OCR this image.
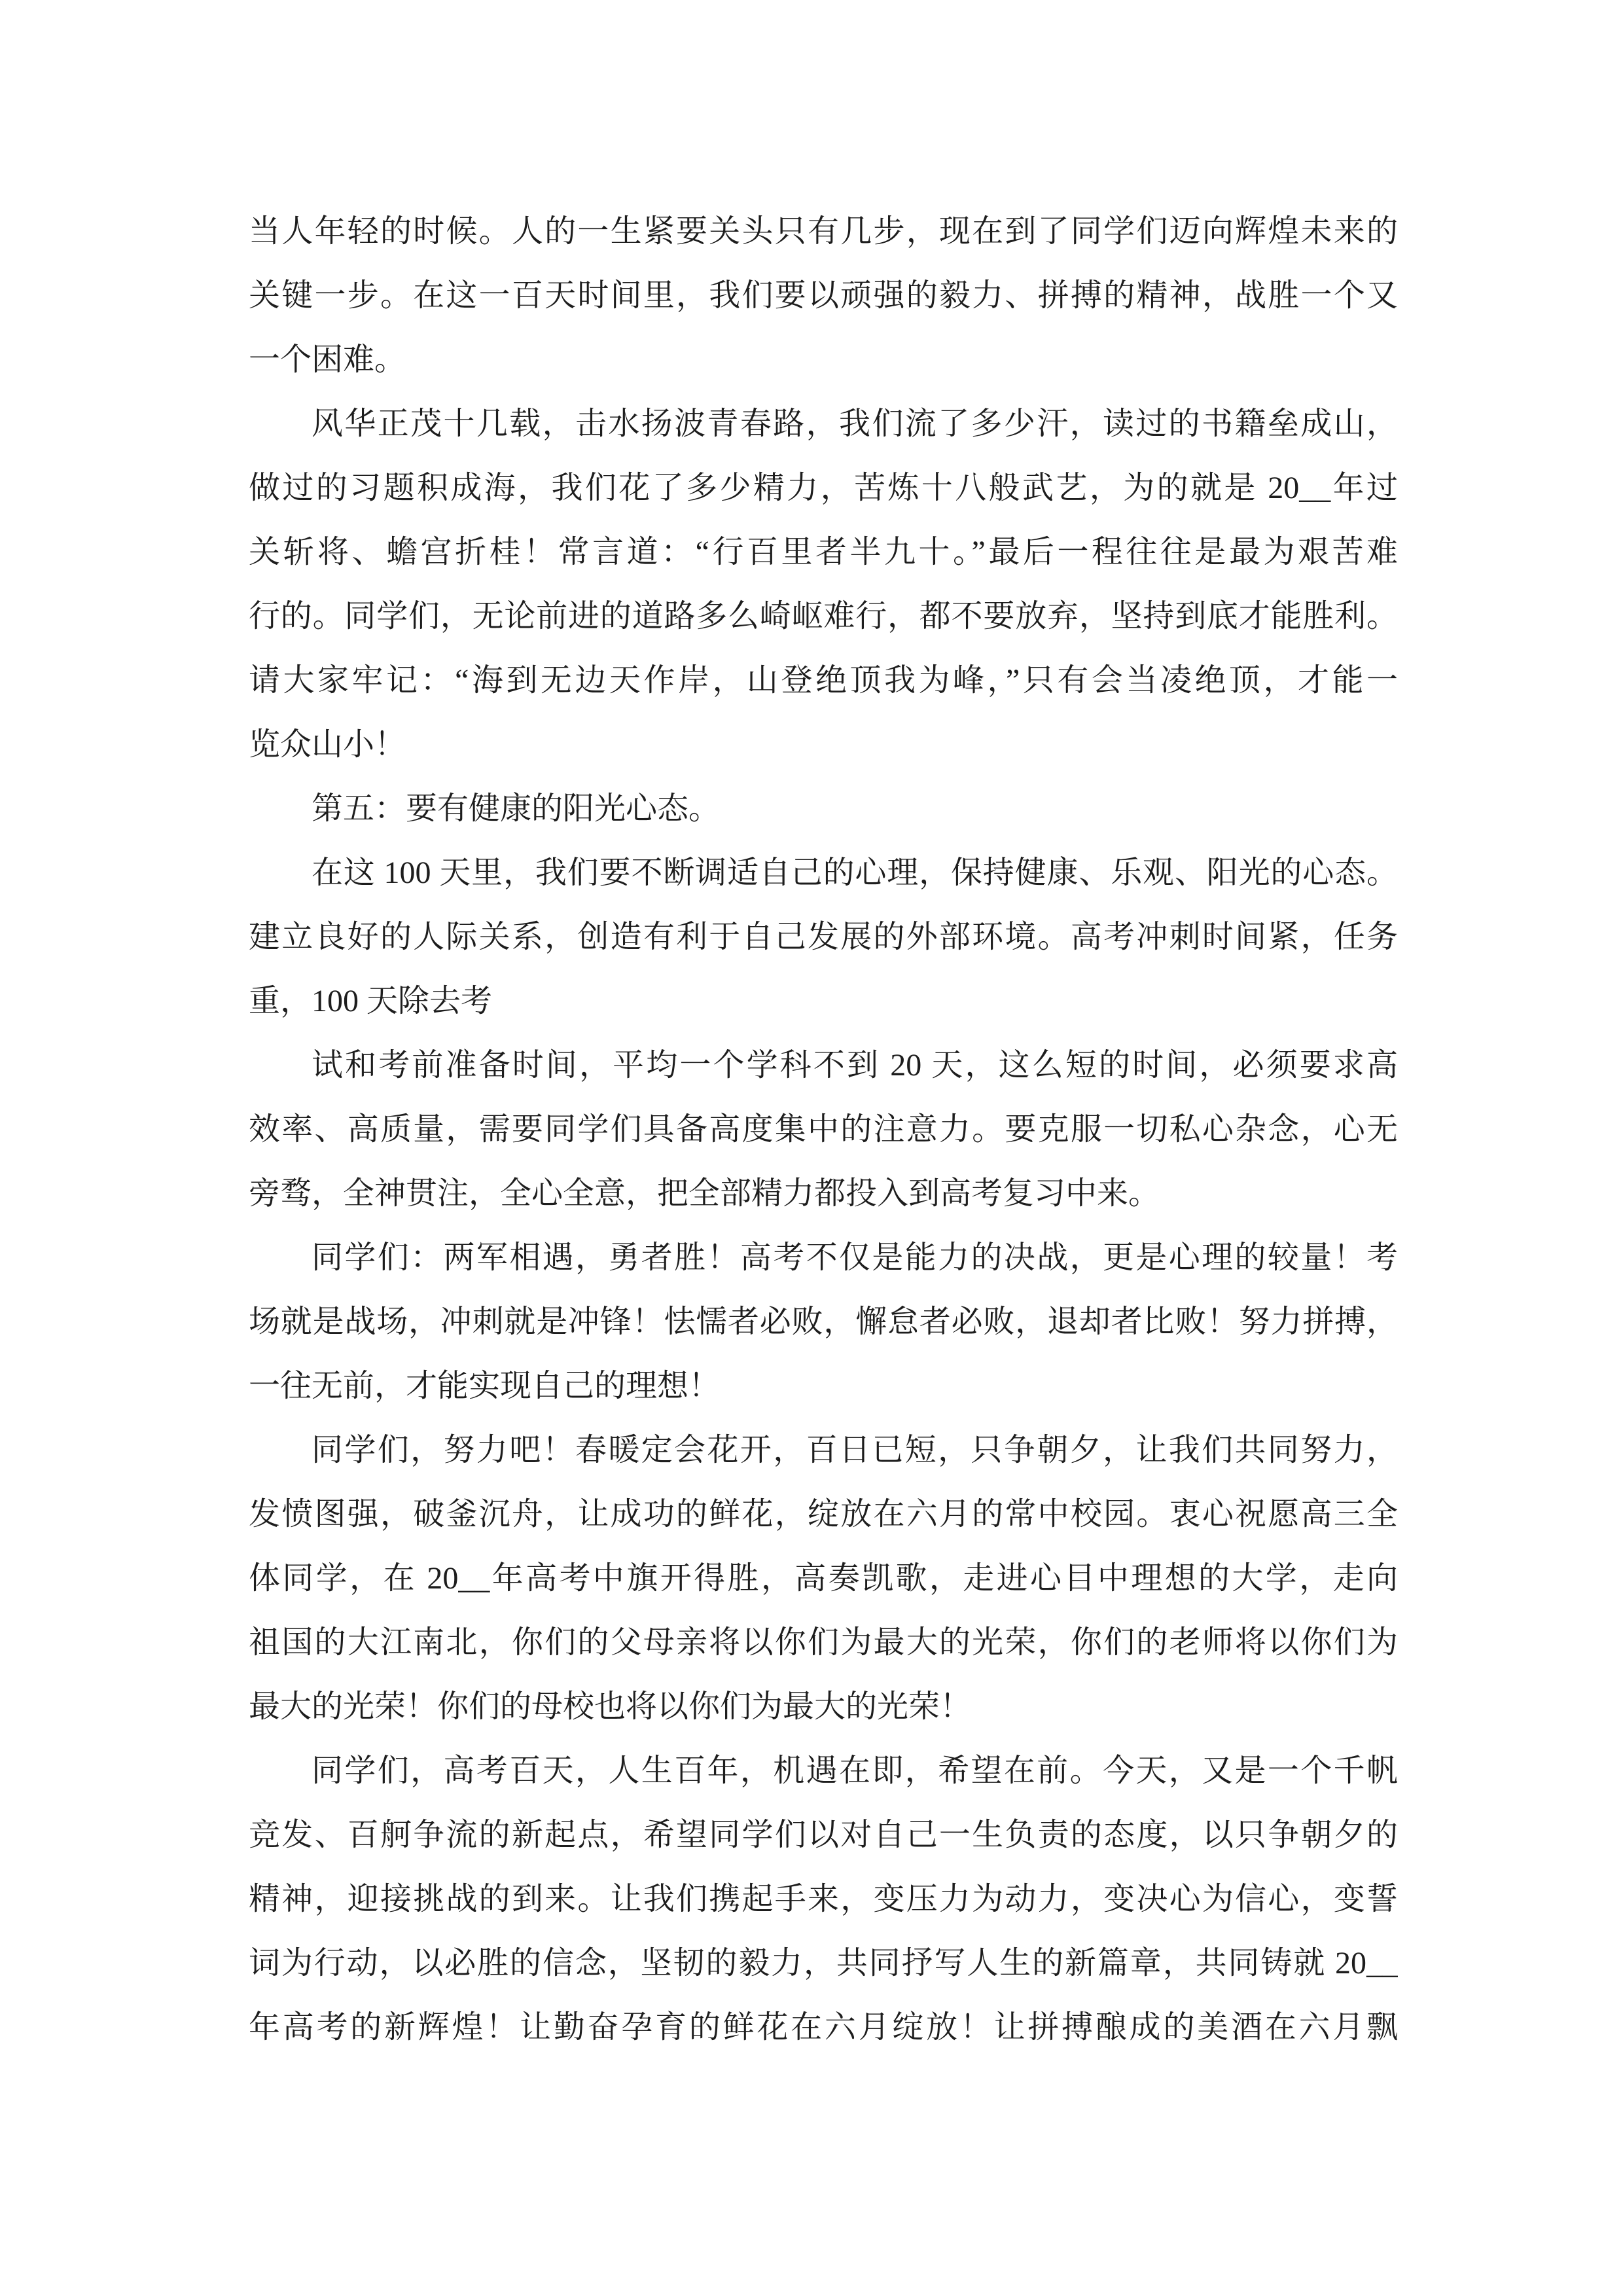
当人年轻的时候。人的一生紧要关头只有几步，现在到了同学们迈向辉煌未来的
关键一步。在这一百天时间里，我们要以顽强的毅力、拼搏的精神，战胜一个又
一个困难。
风华正茂十几载，击水扬波青春路，我们流了多少汗，读过的书籍垒成山，
做过的习题积成海，我们花了多少精力，苦炼十八般武艺，为的就是 20__年过
关斩将、蟾宫折桂！常言道：“行百里者半九十。”最后一程往往是最为艰苦难
行的。同学们，无论前进的道路多么崎岖难行，都不要放弃，坚持到底才能胜利。
请大家牢记：“海到无边天作岸，山登绝顶我为峰，”只有会当凌绝顶，才能一
览众山小！
第五：要有健康的阳光心态。
在这 100 天里，我们要不断调适自己的心理，保持健康、乐观、阳光的心态。
建立良好的人际关系，创造有利于自己发展的外部环境。高考冲刺时间紧，任务
重，100 天除去考
试和考前准备时间，平均一个学科不到 20 天，这么短的时间，必须要求高
效率、高质量，需要同学们具备高度集中的注意力。要克服一切私心杂念，心无
旁骛，全神贯注，全心全意，把全部精力都投入到高考复习中来。
同学们：两军相遇，勇者胜！高考不仅是能力的决战，更是心理的较量！考
场就是战场，冲刺就是冲锋！怯懦者必败，懈怠者必败，退却者比败！努力拼搏，
一往无前，才能实现自己的理想！
同学们，努力吧！春暖定会花开，百日已短，只争朝夕，让我们共同努力，
发愤图强，破釜沉舟，让成功的鲜花，绽放在六月的常中校园。衷心祝愿高三全
体同学，在 20__年高考中旗开得胜，高奏凯歌，走进心目中理想的大学，走向
祖国的大江南北，你们的父母亲将以你们为最大的光荣，你们的老师将以你们为
最大的光荣！你们的母校也将以你们为最大的光荣！
同学们，高考百天，人生百年，机遇在即，希望在前。今天，又是一个千帆
竞发、百舸争流的新起点，希望同学们以对自己一生负责的态度，以只争朝夕的
精神，迎接挑战的到来。让我们携起手来，变压力为动力，变决心为信心，变誓
词为行动，以必胜的信念，坚韧的毅力，共同抒写人生的新篇章，共同铸就 20__
年高考的新辉煌！让勤奋孕育的鲜花在六月绽放！让拼搏酿成的美酒在六月飘
